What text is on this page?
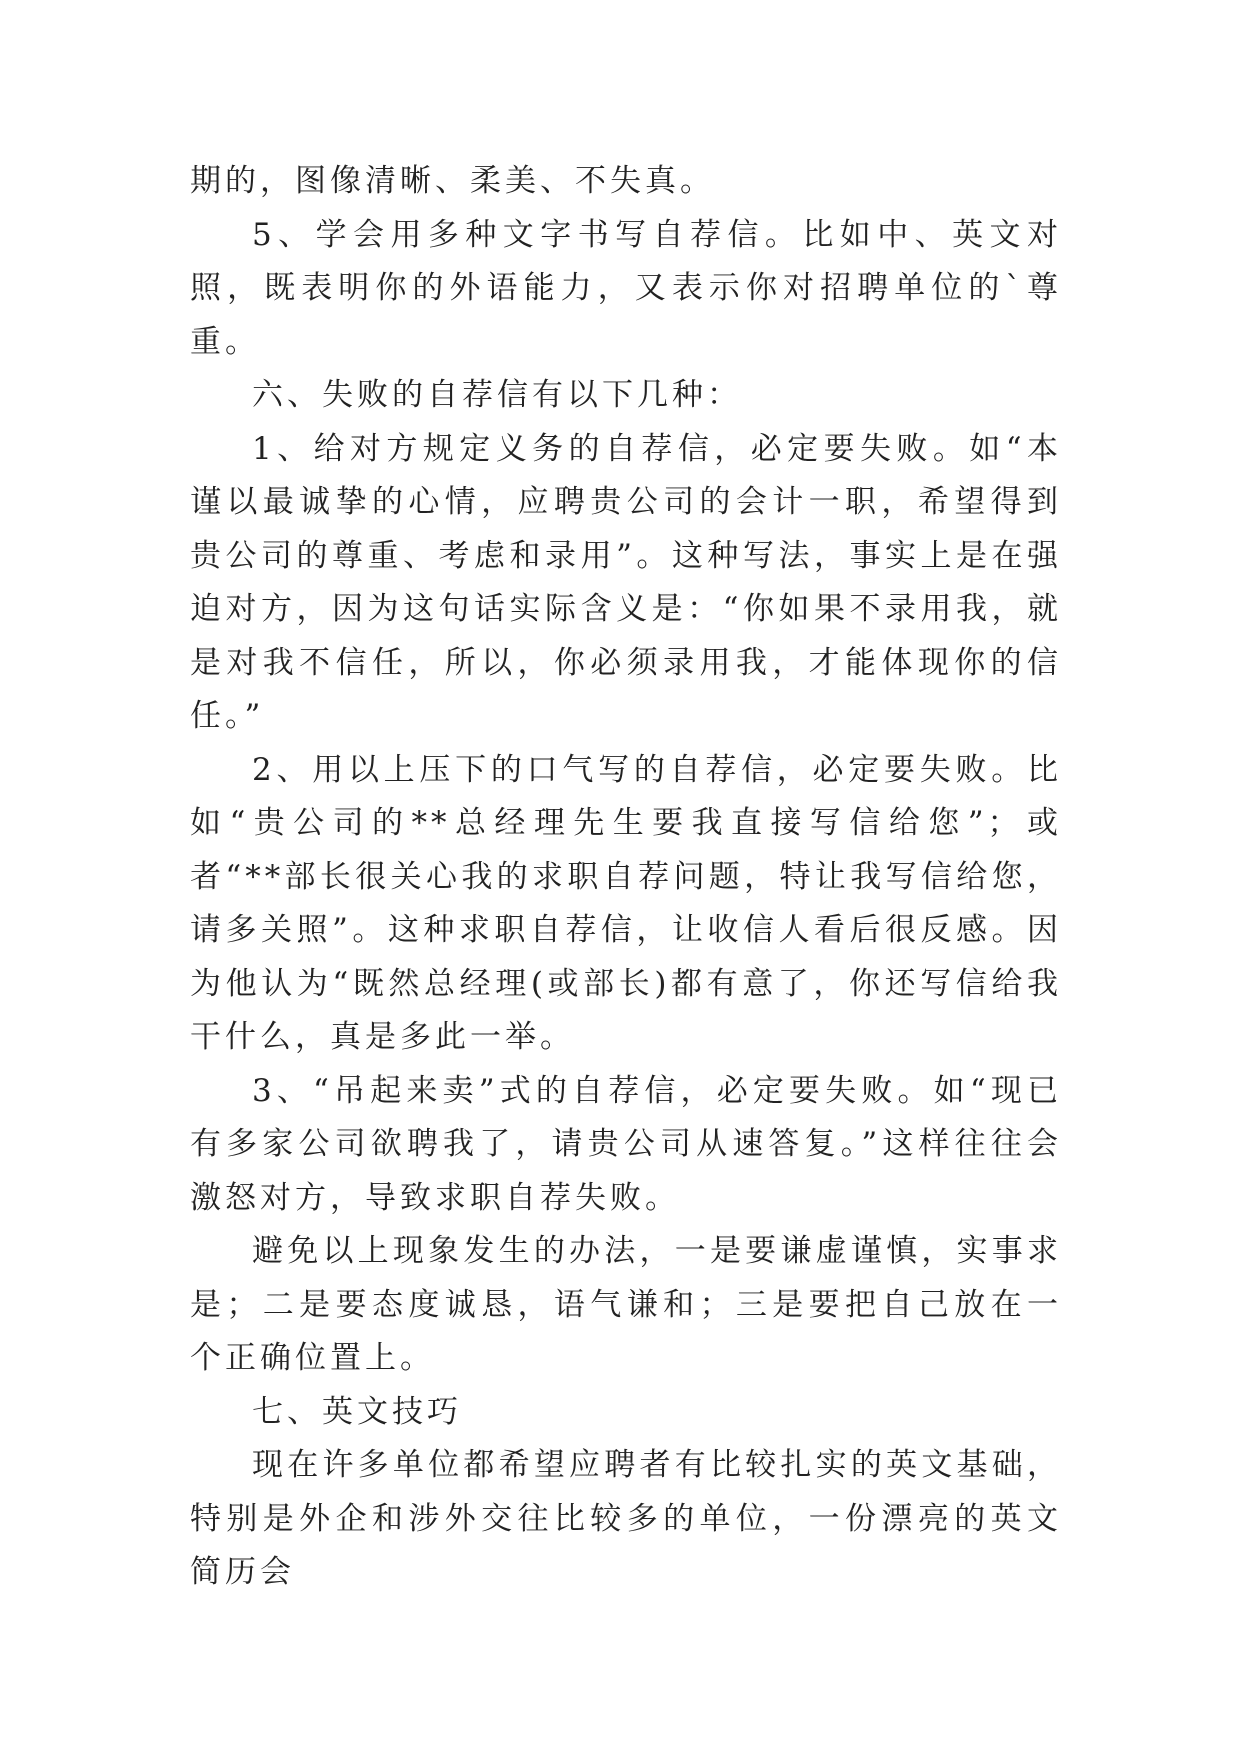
期的，图像清晰、柔美、不失真。

5、学会用多种文字书写自荐信。比如中、英文对照，既表明你的外语能力，又表示你对招聘单位的`尊重。

六、失败的自荐信有以下几种：

1、给对方规定义务的自荐信，必定要失败。如“本谨以最诚挚的心情，应聘贵公司的会计一职，希望得到贵公司的尊重、考虑和录用”。这种写法，事实上是在强迫对方，因为这句话实际含义是：“你如果不录用我，就是对我不信任，所以，你必须录用我，才能体现你的信任。”

2、用以上压下的口气写的自荐信，必定要失败。比如“贵公司的**总经理先生要我直接写信给您”；或者“**部长很关心我的求职自荐问题，特让我写信给您，请多关照”。这种求职自荐信，让收信人看后很反感。因为他认为“既然总经理(或部长)都有意了，你还写信给我干什么，真是多此一举。

3、“吊起来卖”式的自荐信，必定要失败。如“现已有多家公司欲聘我了，请贵公司从速答复。”这样往往会激怒对方，导致求职自荐失败。

避免以上现象发生的办法，一是要谦虚谨慎，实事求是；二是要态度诚恳，语气谦和；三是要把自己放在一个正确位置上。

七、英文技巧

现在许多单位都希望应聘者有比较扎实的英文基础，特别是外企和涉外交往比较多的单位，一份漂亮的英文简历会
